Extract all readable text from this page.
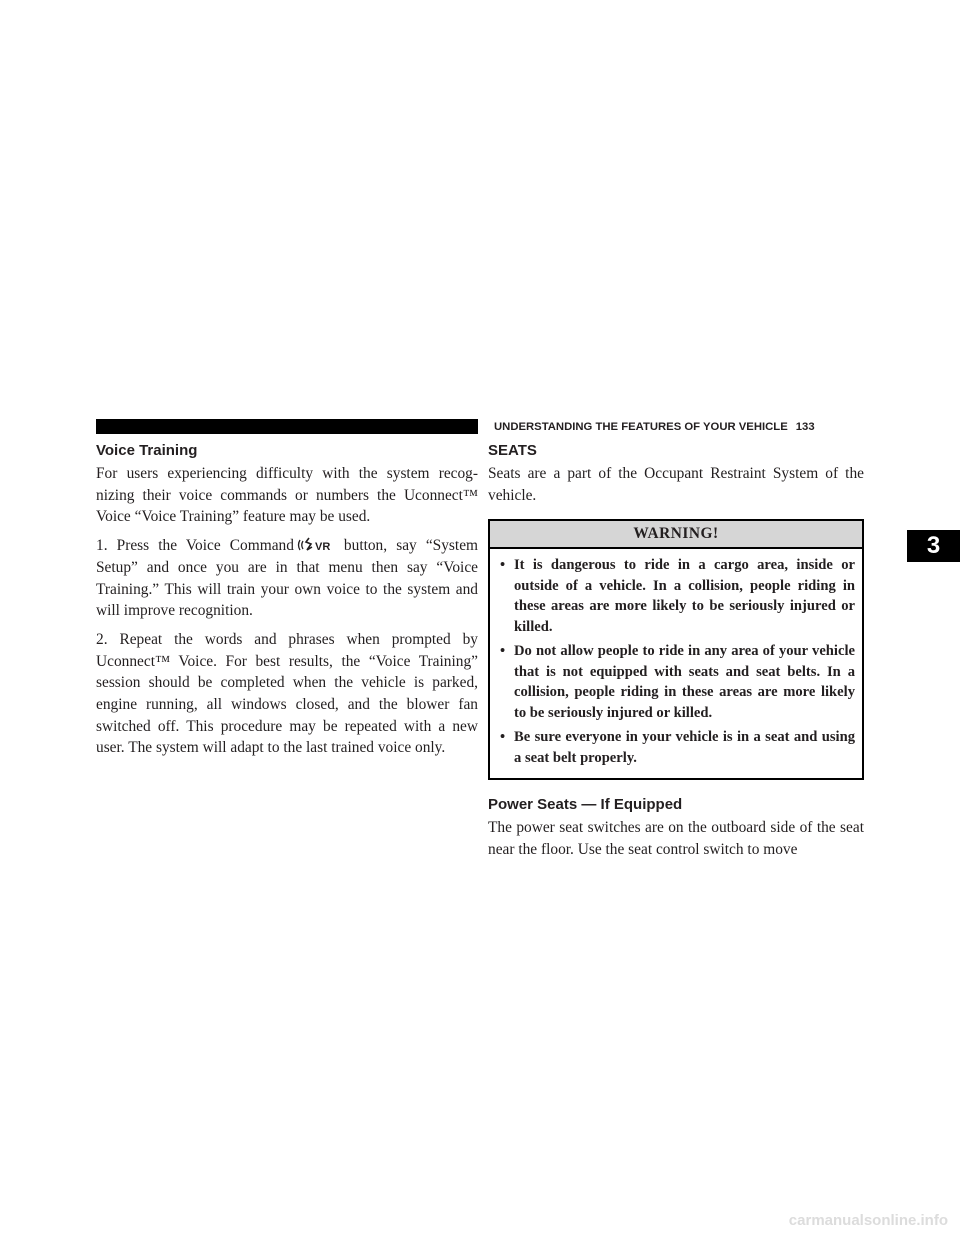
UNDERSTANDING THE FEATURES OF YOUR VEHICLE 133
Voice Training

For users experiencing difficulty with the system recog-nizing their voice commands or numbers the Uconnect™ Voice “Voice Training” feature may be used.

1. Press the Voice Command VR button, say “System Setup” and once you are in that menu then say “Voice Training.” This will train your own voice to the system and will improve recognition.

2. Repeat the words and phrases when prompted by Uconnect™ Voice. For best results, the “Voice Training” session should be completed when the vehicle is parked, engine running, all windows closed, and the blower fan switched off. This procedure may be repeated with a new user. The system will adapt to the last trained voice only.

SEATS

Seats are a part of the Occupant Restraint System of the vehicle.

WARNING!
• It is dangerous to ride in a cargo area, inside or outside of a vehicle. In a collision, people riding in these areas are more likely to be seriously injured or killed.
• Do not allow people to ride in any area of your vehicle that is not equipped with seats and seat belts. In a collision, people riding in these areas are more likely to be seriously injured or killed.
• Be sure everyone in your vehicle is in a seat and using a seat belt properly.
Power Seats — If Equipped

The power seat switches are on the outboard side of the seat near the floor. Use the seat control switch to move

3
carmanualsonline.info
